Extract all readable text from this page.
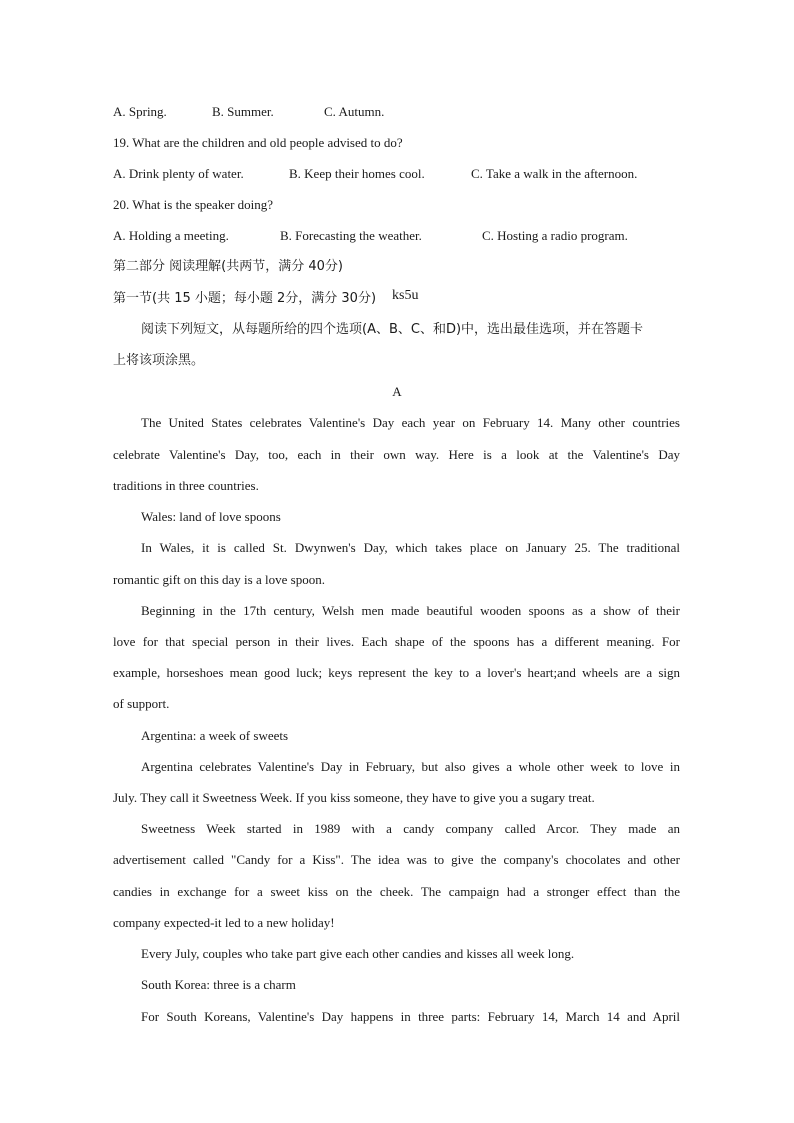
A. Spring.	B. Summer.	C. Autumn.
19. What are the children and old people advised to do?
A. Drink plenty of water.	B. Keep their homes cool.	C. Take a walk in the afternoon.
20. What is the speaker doing?
A. Holding a meeting.	B. Forecasting the weather.	C. Hosting a radio program.
第二部分 阅读理解(共两节，满分 40分)
第一节(共 15 小题；每小题 2分，满分 30分) ks5u
阅读下列短文，从每题所给的四个选项(A、B、C、和D)中，选出最佳选项，并在答题卡
上将该项涂黑。
A
The United States celebrates Valentine's Day each year on February 14. Many other countries
celebrate Valentine's Day, too, each in their own way. Here is a look at the Valentine's Day
traditions in three countries.
Wales: land of love spoons
In Wales, it is called St. Dwynwen's Day, which takes place on January 25. The traditional
romantic gift on this day is a love spoon.
Beginning in the 17th century, Welsh men made beautiful wooden spoons as a show of their
love for that special person in their lives. Each shape of the spoons has a different meaning. For
example, horseshoes mean good luck; keys represent the key to a lover's heart;and wheels are a sign
of support.
Argentina: a week of sweets
Argentina celebrates Valentine's Day in February, but also gives a whole other week to love in
July. They call it Sweetness Week. If you kiss someone, they have to give you a sugary treat.
Sweetness Week started in 1989 with a candy company called Arcor. They made an
advertisement called "Candy for a Kiss". The idea was to give the company's chocolates and other
candies in exchange for a sweet kiss on the cheek. The campaign had a stronger effect than the
company expected-it led to a new holiday!
Every July, couples who take part give each other candies and kisses all week long.
South Korea: three is a charm
For South Koreans, Valentine's Day happens in three parts: February 14, March 14 and April
